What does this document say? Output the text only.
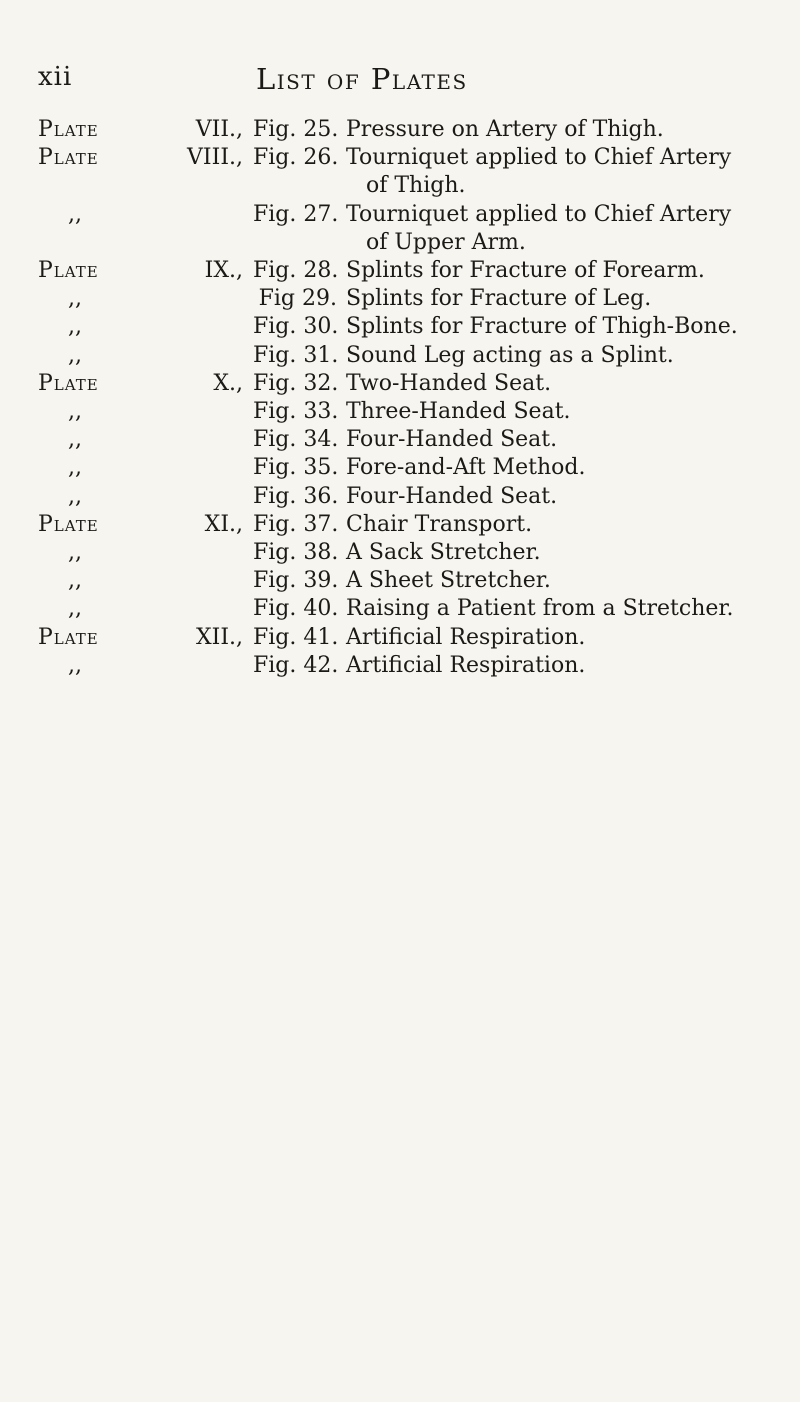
xii	List of Plates
Plate	VII., Fig. 25. Pressure on Artery of Thigh.
Plate	VIII., Fig. 26. Tourniquet applied to Chief Artery
of Thigh.
,,	Fig. 27. Tourniquet applied to Chief Artery
of Upper Arm.
Plate	IX., Fig. 28. Splints for Fracture of Forearm.
,,	Fig 29. Splints for Fracture of Leg.
,,	Fig. 30. Splints for Fracture of Thigh-Bone.
,,	Fig. 31. Sound Leg acting as a Splint.
Plate	X., Fig. 32. Two-Handed Seat.
,,	Fig. 33. Three-Handed Seat.
,,	Fig. 34. Four-Handed Seat.
,,	Fig. 35. Fore-and-Aft Method.
,,	Fig. 36. Four-Handed Seat.
Plate	XI., Fig. 37. Chair Transport.
,,	Fig. 38. A Sack Stretcher.
,,	Fig. 39. A Sheet Stretcher.
,,	Fig. 40. Raising a Patient from a Stretcher.
Plate	XII., Fig. 41. Artificial Respiration.
,,	Fig. 42. Artificial Respiration.
